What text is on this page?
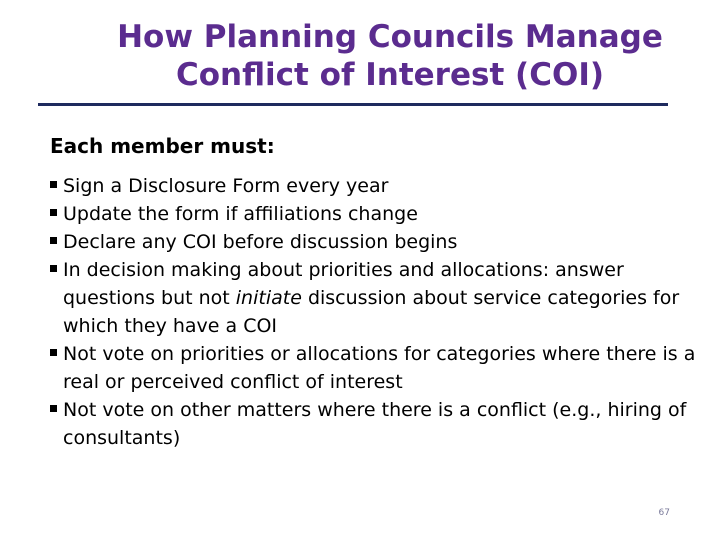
How Planning Councils Manage
Conflict of Interest (COI)

Each member must:

Sign a Disclosure Form every year
Update the form if affiliations change
Declare any COI before discussion begins
In decision making about priorities and allocations: answer questions but not initiate discussion about service categories for which they have a COI
Not vote on priorities or allocations for categories where there is a real or perceived conflict of interest
Not vote on other matters where there is a conflict (e.g., hiring of consultants)
67
